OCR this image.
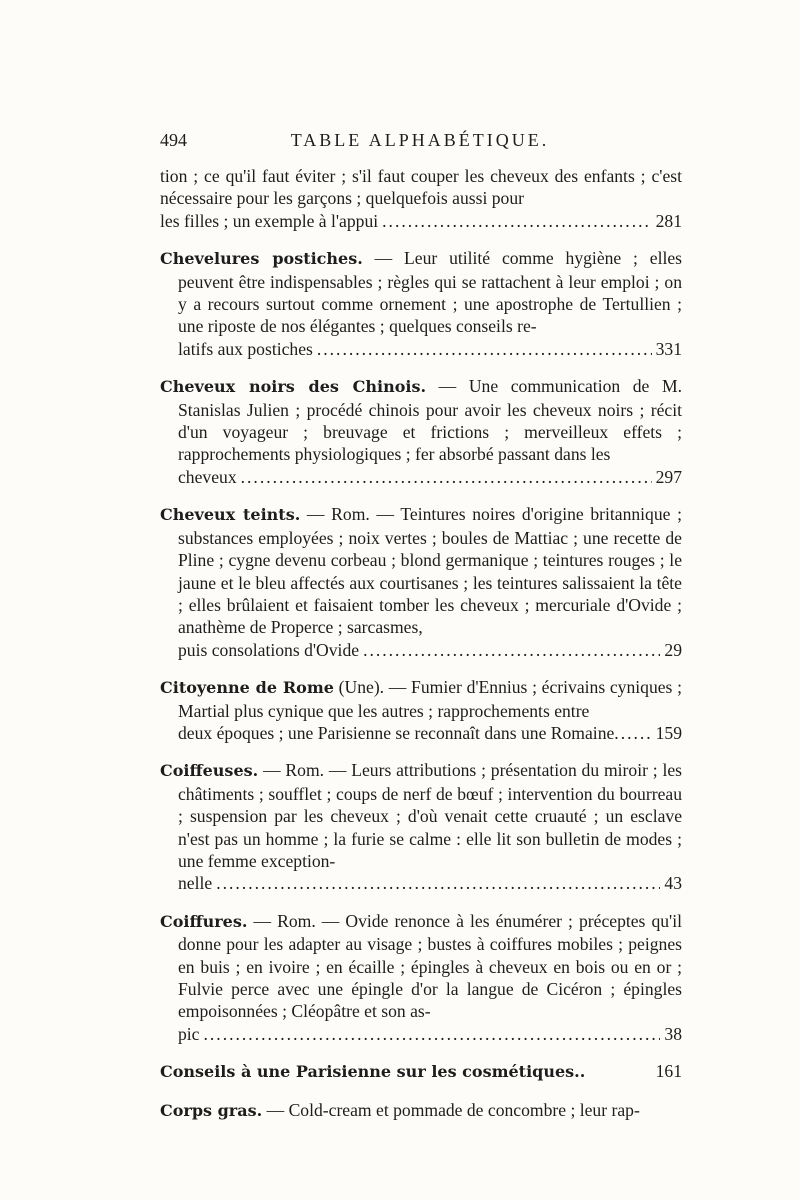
494	TABLE ALPHABÉTIQUE.
tion ; ce qu'il faut éviter ; s'il faut couper les cheveux des enfants ; c'est nécessaire pour les garçons ; quelquefois aussi pour
les filles ; un exemple à l'appui .....	281
Chevelures postiches. — Leur utilité comme hygiène ; elles peuvent être indispensables ; règles qui se rattachent à leur emploi ; on y a recours surtout comme ornement ; une apostrophe de Tertullien ; une riposte de nos élégantes ; quelques conseils re-
latifs aux postiches .....	331
Cheveux noirs des Chinois. — Une communication de M. Stanislas Julien ; procédé chinois pour avoir les cheveux noirs ; récit d'un voyageur ; breuvage et frictions ; merveilleux effets ; rapprochements physiologiques ; fer absorbé passant dans les
cheveux .....	297
Cheveux teints. — Rom. — Teintures noires d'origine britannique ; substances employées ; noix vertes ; boules de Mattiac ; une recette de Pline ; cygne devenu corbeau ; blond germanique ; teintures rouges ; le jaune et le bleu affectés aux courtisanes ; les teintures salissaient la tête ; elles brûlaient et faisaient tomber les cheveux ; mercuriale d'Ovide ; anathème de Properce ; sarcasmes,
puis consolations d'Ovide .....	29
Citoyenne de Rome (Une). — Fumier d'Ennius ; écrivains cyniques ; Martial plus cynique que les autres ; rapprochements entre
deux époques ; une Parisienne se reconnaît dans une Romaine. ..... 159
Coiffeuses. — Rom. — Leurs attributions ; présentation du miroir ; les châtiments ; soufflet ; coups de nerf de bœuf ; intervention du bourreau ; suspension par les cheveux ; d'où venait cette cruauté ; un esclave n'est pas un homme ; la furie se calme : elle lit son bulletin de modes ; une femme exception-
nelle .....	43
Coiffures. — Rom. — Ovide renonce à les énumérer ; préceptes qu'il donne pour les adapter au visage ; bustes à coiffures mobiles ; peignes en buis ; en ivoire ; en écaille ; épingles à cheveux en bois ou en or ; Fulvie perce avec une épingle d'or la langue de Cicéron ; épingles empoisonnées ; Cléopâtre et son as-
pic .....	38
Conseils à une Parisienne sur les cosmétiques..	161
Corps gras. — Cold-cream et pommade de concombre ; leur rap-
